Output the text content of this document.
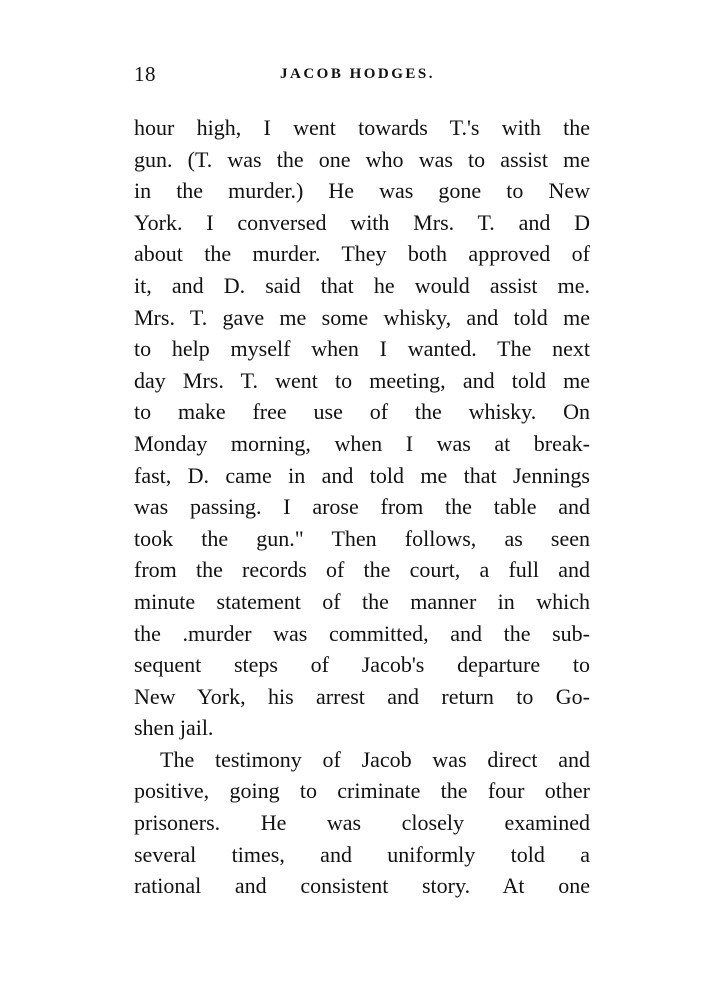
18	JACOB HODGES.
hour high, I went towards T.'s with the
gun. (T. was the one who was to assist me
in the murder.) He was gone to New
York. I conversed with Mrs. T. and D
about the murder. They both approved of
it, and D. said that he would assist me.
Mrs. T. gave me some whisky, and told me
to help myself when I wanted. The next
day Mrs. T. went to meeting, and told me
to make free use of the whisky. On
Monday morning, when I was at break-
fast, D. came in and told me that Jennings
was passing. I arose from the table and
took the gun." Then follows, as seen
from the records of the court, a full and
minute statement of the manner in which
the .murder was committed, and the sub-
sequent steps of Jacob's departure to
New York, his arrest and return to Go-
shen jail.
The testimony of Jacob was direct and
positive, going to criminate the four other
prisoners. He was closely examined
several times, and uniformly told a
rational and consistent story. At one
